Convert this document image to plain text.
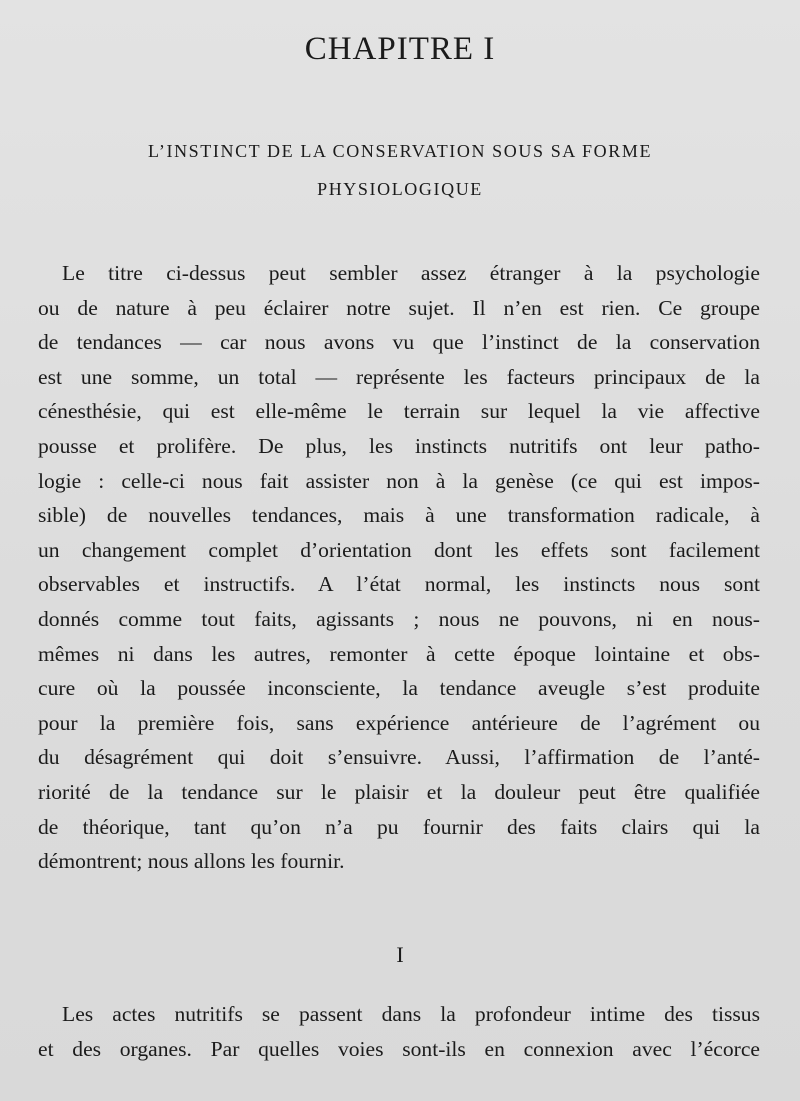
CHAPITRE I
L’INSTINCT DE LA CONSERVATION SOUS SA FORME
PHYSIOLOGIQUE

Le titre ci-dessus peut sembler assez étranger à la psychologie
ou de nature à peu éclairer notre sujet. Il n’en est rien. Ce groupe
de tendances — car nous avons vu que l’instinct de la conservation
est une somme, un total — représente les facteurs principaux de la
cénesthésie, qui est elle-même le terrain sur lequel la vie affective
pousse et prolifère. De plus, les instincts nutritifs ont leur patho-
logie : celle-ci nous fait assister non à la genèse (ce qui est impos-
sible) de nouvelles tendances, mais à une transformation radicale, à
un changement complet d’orientation dont les effets sont facilement
observables et instructifs. A l’état normal, les instincts nous sont
donnés comme tout faits, agissants ; nous ne pouvons, ni en nous-
mêmes ni dans les autres, remonter à cette époque lointaine et obs-
cure où la poussée inconsciente, la tendance aveugle s’est produite
pour la première fois, sans expérience antérieure de l’agrément ou
du désagrément qui doit s’ensuivre. Aussi, l’affirmation de l’anté-
riorité de la tendance sur le plaisir et la douleur peut être qualifiée
de théorique, tant qu’on n’a pu fournir des faits clairs qui la
démontrent; nous allons les fournir.

I

Les actes nutritifs se passent dans la profondeur intime des tissus
et des organes. Par quelles voies sont-ils en connexion avec l’écorce
